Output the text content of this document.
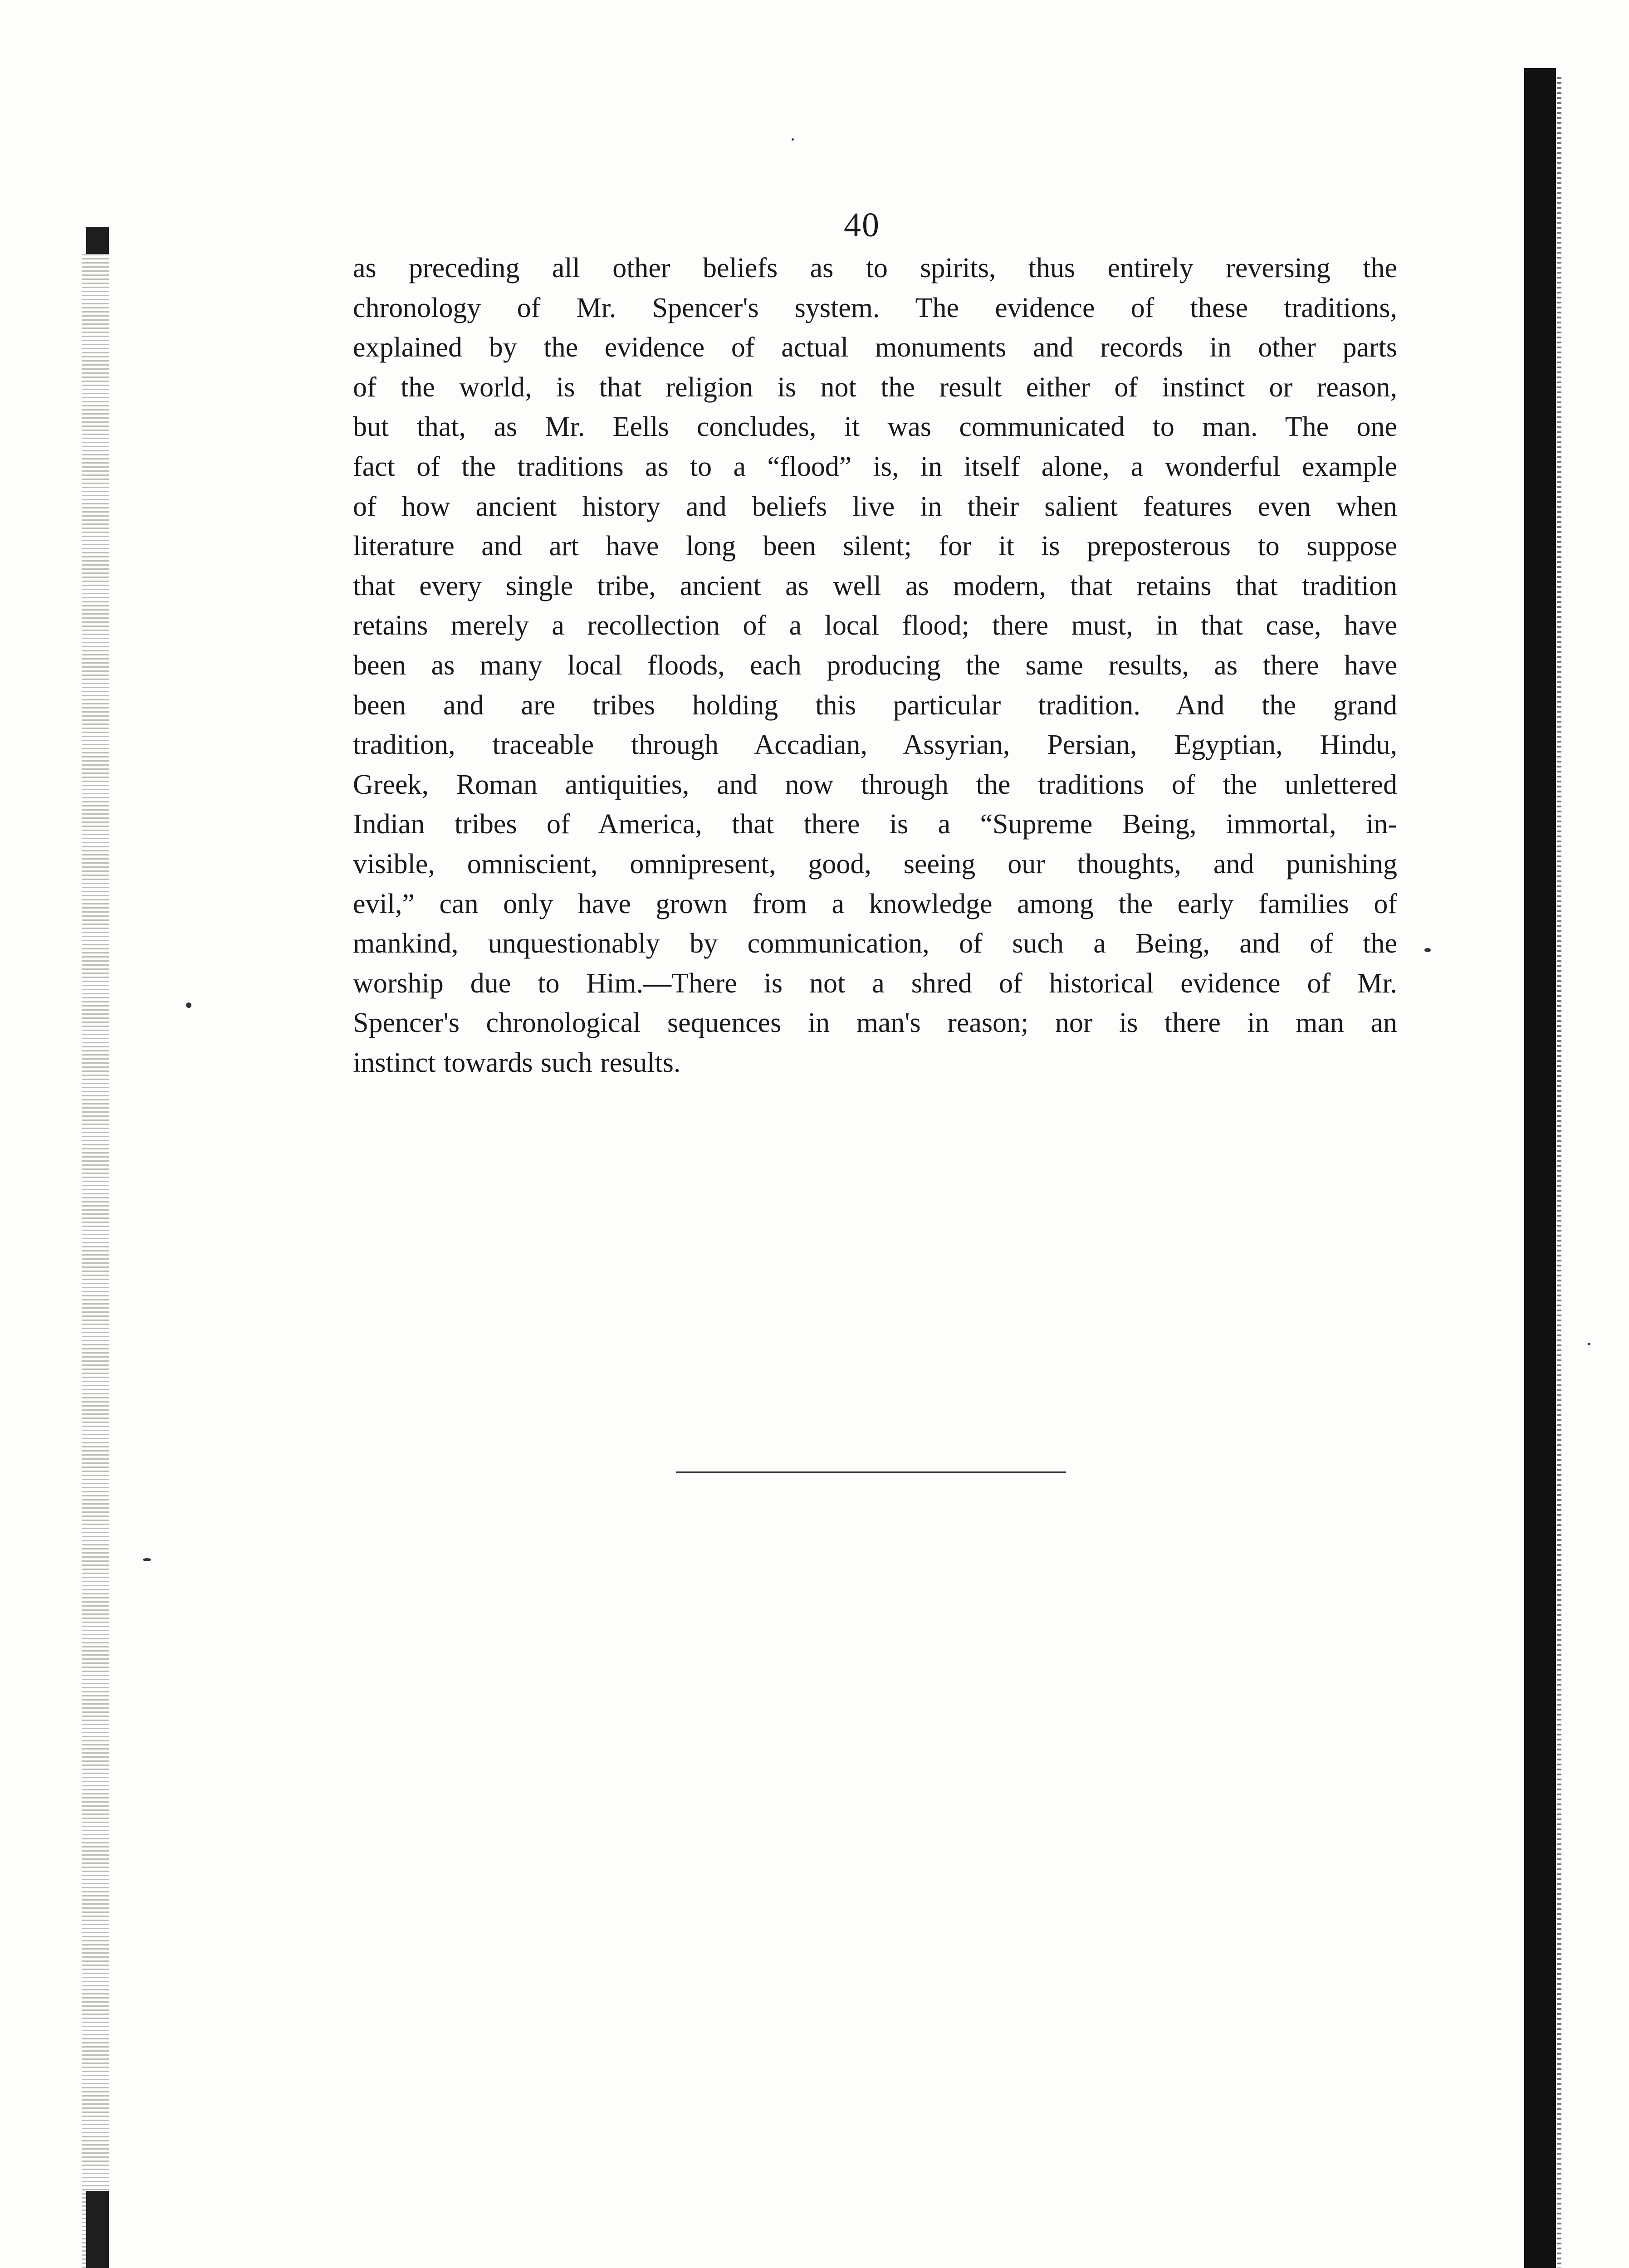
40
as preceding all other beliefs as to spirits, thus entirely reversing the
chronology of Mr. Spencer's system. The evidence of these traditions,
explained by the evidence of actual monuments and records in other parts
of the world, is that religion is not the result either of instinct or reason,
but that, as Mr. Eells concludes, it was communicated to man. The one
fact of the traditions as to a “flood” is, in itself alone, a wonderful example
of how ancient history and beliefs live in their salient features even when
literature and art have long been silent; for it is preposterous to suppose
that every single tribe, ancient as well as modern, that retains that tradition
retains merely a recollection of a local flood; there must, in that case, have
been as many local floods, each producing the same results, as there have
been and are tribes holding this particular tradition. And the grand
tradition, traceable through Accadian, Assyrian, Persian, Egyptian, Hindu,
Greek, Roman antiquities, and now through the traditions of the unlettered
Indian tribes of America, that there is a “Supreme Being, immortal, in-
visible, omniscient, omnipresent, good, seeing our thoughts, and punishing
evil,” can only have grown from a knowledge among the early families of
mankind, unquestionably by communication, of such a Being, and of the
worship due to Him.—There is not a shred of historical evidence of Mr.
Spencer's chronological sequences in man's reason; nor is there in man an
instinct towards such results.
